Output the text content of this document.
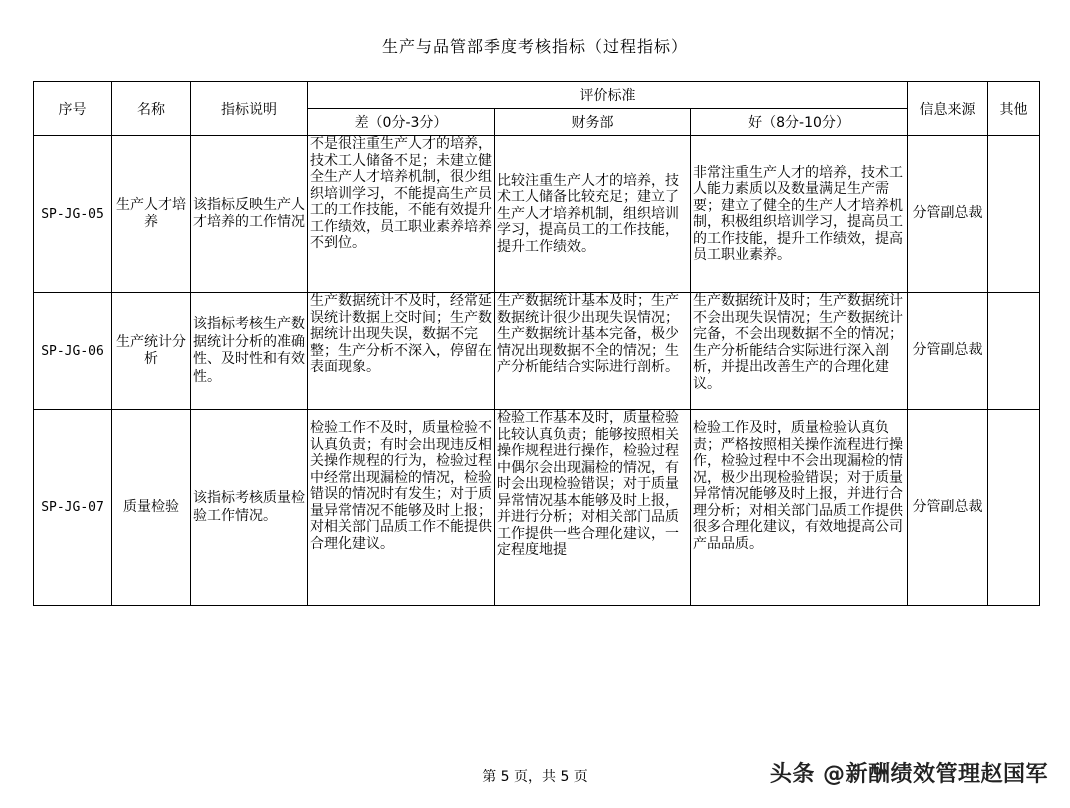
生产与品管部季度考核指标（过程指标）
序号	名称	指标说明	评价标准			信息来源	其他
			差（0分-3分）	财务部	好（8分-10分）		
SP-JG-05	生产人才培养	该指标反映生产人才培养的工作情况	不是很注重生产人才的培养，技术工人储备不足；未建立健全生产人才培养机制，很少组织培训学习，不能提高生产员工的工作技能，不能有效提升工作绩效，员工职业素养培养不到位。	比较注重生产人才的培养，技术工人储备比较充足；建立了生产人才培养机制，组织培训学习，提高员工的工作技能，提升工作绩效。	非常注重生产人才的培养，技术工人能力素质以及数量满足生产需要；建立了健全的生产人才培养机制，积极组织培训学习，提高员工的工作技能，提升工作绩效，提高员工职业素养。	分管副总裁	
SP-JG-06	生产统计分析	该指标考核生产数据统计分析的准确性、及时性和有效性。	生产数据统计不及时，经常延误统计数据上交时间；生产数据统计出现失误，数据不完整；生产分析不深入，停留在表面现象。	生产数据统计基本及时；生产数据统计很少出现失误情况；生产数据统计基本完备，极少情况出现数据不全的情况；生产分析能结合实际进行剖析。	生产数据统计及时；生产数据统计不会出现失误情况；生产数据统计完备，不会出现数据不全的情况；生产分析能结合实际进行深入剖析，并提出改善生产的合理化建议。	分管副总裁	
SP-JG-07	质量检验	该指标考核质量检验工作情况。	检验工作不及时，质量检验不认真负责；有时会出现违反相关操作规程的行为，检验过程中经常出现漏检的情况，检验错误的情况时有发生；对于质量异常情况不能够及时上报；对相关部门品质工作不能提供合理化建议。	检验工作基本及时，质量检验比较认真负责；能够按照相关操作规程进行操作，检验过程中偶尔会出现漏检的情况，有时会出现检验错误；对于质量异常情况基本能够及时上报，并进行分析；对相关部门品质工作提供一些合理化建议，一定程度地提	检验工作及时，质量检验认真负责；严格按照相关操作流程进行操作，检验过程中不会出现漏检的情况，极少出现检验错误；对于质量异常情况能够及时上报，并进行合理分析；对相关部门品质工作提供很多合理化建议，有效地提高公司产品品质。	分管副总裁	
第 5 页，共 5 页	头条 @新酬绩效管理赵国军
